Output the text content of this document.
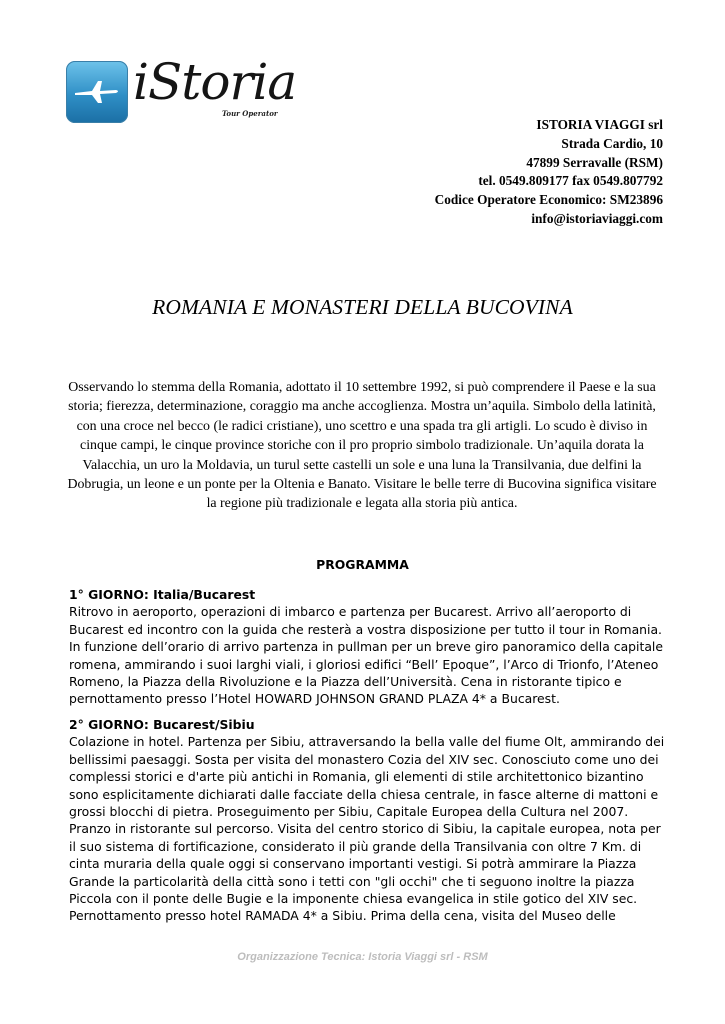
iStoria
Tour Operator
ISTORIA VIAGGI srl
Strada Cardio, 10
47899 Serravalle (RSM)
tel. 0549.809177 fax 0549.807792
Codice Operatore Economico: SM23896
info@istoriaviaggi.com
ROMANIA E MONASTERI DELLA BUCOVINA
Osservando lo stemma della Romania, adottato il 10 settembre 1992, si può comprendere il Paese e la sua storia; fierezza, determinazione, coraggio ma anche accoglienza. Mostra un’aquila. Simbolo della latinità, con una croce nel becco (le radici cristiane), uno scettro e una spada tra gli artigli. Lo scudo è diviso in cinque campi, le cinque province storiche con il pro proprio simbolo tradizionale. Un’aquila dorata la Valacchia, un uro la Moldavia, un turul sette castelli un sole e una luna la Transilvania, due delfini la Dobrugia, un leone e un ponte per la Oltenia e Banato. Visitare le belle terre di Bucovina significa visitare la regione più tradizionale e legata alla storia più antica.
PROGRAMMA
1° GIORNO: Italia/Bucarest

Ritrovo in aeroporto, operazioni di imbarco e partenza per Bucarest. Arrivo all’aeroporto di Bucarest ed incontro con la guida che resterà a vostra disposizione per tutto il tour in Romania. In funzione dell’orario di arrivo partenza in pullman per un breve giro panoramico della capitale romena, ammirando i suoi larghi viali, i gloriosi edifici “Bell’ Epoque”, l’Arco di Trionfo, l’Ateneo Romeno, la Piazza della Rivoluzione e la Piazza dell’Università. Cena in ristorante tipico e pernottamento presso l’Hotel HOWARD JOHNSON GRAND PLAZA 4* a Bucarest.

2° GIORNO: Bucarest/Sibiu

Colazione in hotel. Partenza per Sibiu, attraversando la bella valle del fiume Olt, ammirando dei bellissimi paesaggi. Sosta per visita del monastero Cozia del XIV sec. Conosciuto come uno dei complessi storici e d'arte più antichi in Romania, gli elementi di stile architettonico bizantino sono esplicitamente dichiarati dalle facciate della chiesa centrale, in fasce alterne di mattoni e grossi blocchi di pietra. Proseguimento per Sibiu, Capitale Europea della Cultura nel 2007. Pranzo in ristorante sul percorso. Visita del centro storico di Sibiu, la capitale europea, nota per il suo sistema di fortificazione, considerato il più grande della Transilvania con oltre 7 Km. di cinta muraria della quale oggi si conservano importanti vestigi. Si potrà ammirare la Piazza Grande la particolarità della città sono i tetti con "gli occhi" che ti seguono inoltre la piazza Piccola con il ponte delle Bugie e la imponente chiesa evangelica in stile gotico del XIV sec. Pernottamento presso hotel RAMADA 4* a Sibiu. Prima della cena, visita del Museo delle

Organizzazione Tecnica: Istoria Viaggi srl - RSM
